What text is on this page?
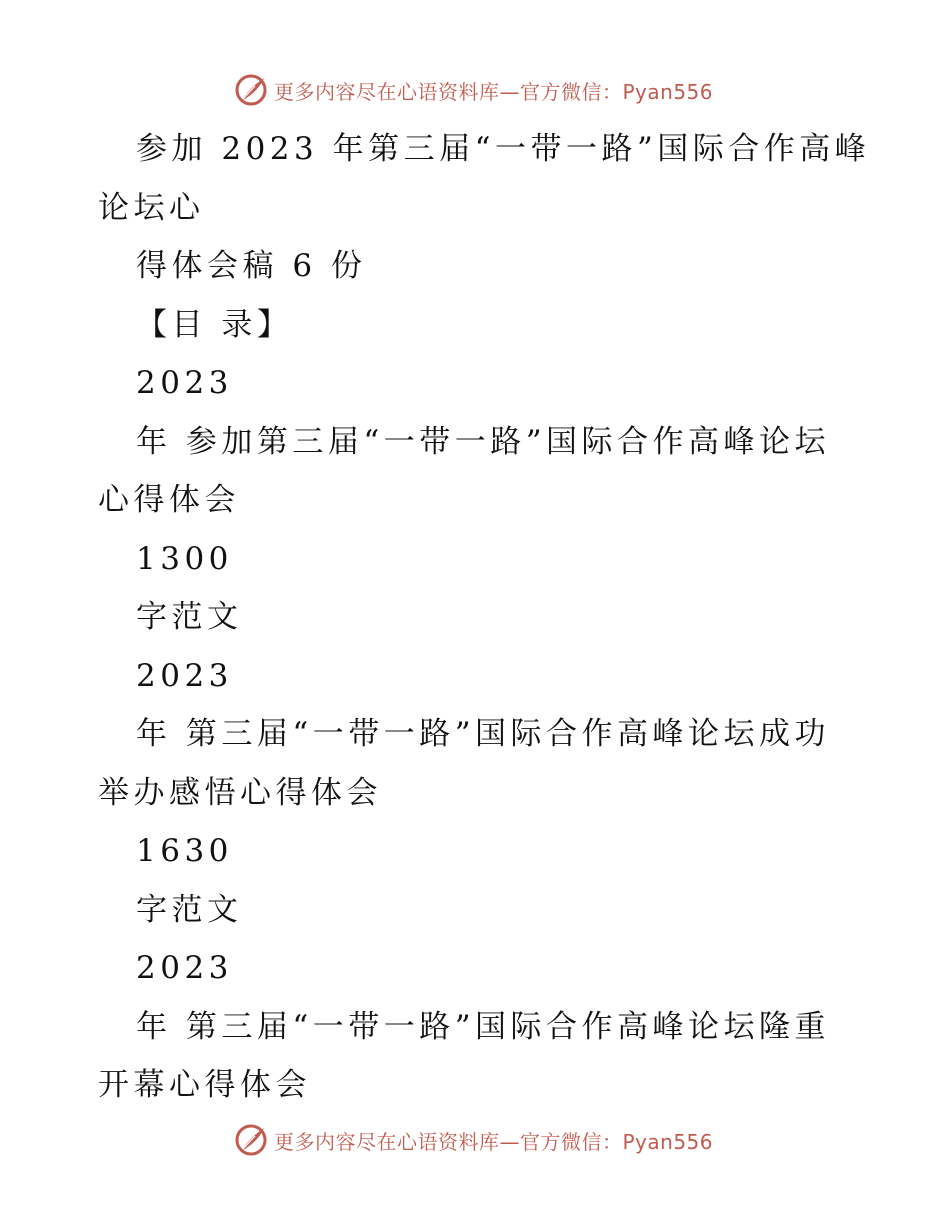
更多内容尽在心语资料库—官方微信：Pyan556
参加 2023 年第三届“一带一路”国际合作高峰
论坛心
得体会稿 6 份
【目 录】
2023
年 参加第三届“一带一路”国际合作高峰论坛
心得体会
1300
字范文
2023
年 第三届“一带一路”国际合作高峰论坛成功
举办感悟心得体会
1630
字范文
2023
年 第三届“一带一路”国际合作高峰论坛隆重
开幕心得体会
更多内容尽在心语资料库—官方微信：Pyan556
